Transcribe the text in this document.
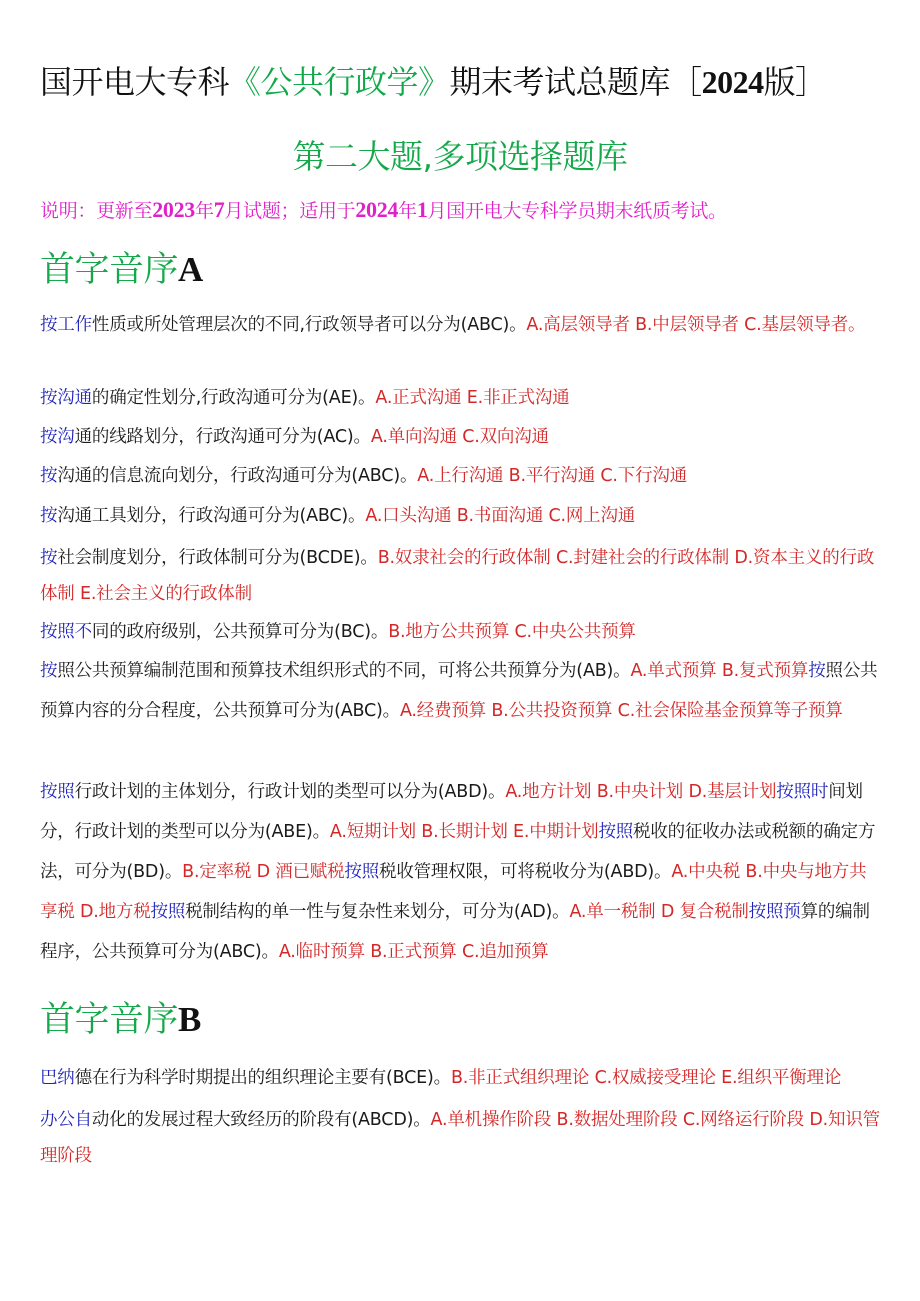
国开电大专科《公共行政学》期末考试总题库［2024版］
第二大题,多项选择题库
说明：更新至2023年7月试题；适用于2024年1月国开电大专科学员期末纸质考试。
首字音序A
按工作性质或所处管理层次的不同,行政领导者可以分为(ABC)。A.高层领导者 B.中层领导者 C.基层领导者。
按沟通的确定性划分,行政沟通可分为(AE)。A.正式沟通 E.非正式沟通
按沟通的线路划分，行政沟通可分为(AC)。A.单向沟通 C.双向沟通
按沟通的信息流向划分，行政沟通可分为(ABC)。A.上行沟通 B.平行沟通 C.下行沟通
按沟通工具划分，行政沟通可分为(ABC)。A.口头沟通 B.书面沟通 C.网上沟通
按社会制度划分，行政体制可分为(BCDE)。B.奴隶社会的行政体制 C.封建社会的行政体制 D.资本主义的行政体制 E.社会主义的行政体制
按照不同的政府级别，公共预算可分为(BC)。B.地方公共预算 C.中央公共预算
按照公共预算编制范围和预算技术组织形式的不同，可将公共预算分为(AB)。A.单式预算 B.复式预算按照公共预算内容的分合程度，公共预算可分为(ABC)。A.经费预算 B.公共投资预算 C.社会保险基金预算等子预算
按照行政计划的主体划分，行政计划的类型可以分为(ABD)。A.地方计划 B.中央计划 D.基层计划按照时间划分，行政计划的类型可以分为(ABE)。A.短期计划 B.长期计划 E.中期计划按照税收的征收办法或税额的确定方法，可分为(BD)。B.定率税 D 酒已赋税按照税收管理权限，可将税收分为(ABD)。A.中央税 B.中央与地方共享税 D.地方税按照税制结构的单一性与复杂性来划分，可分为(AD)。A.单一税制 D 复合税制按照预算的编制程序，公共预算可分为(ABC)。A.临时预算 B.正式预算 C.追加预算
首字音序B
巴纳德在行为科学时期提出的组织理论主要有(BCE)。B.非正式组织理论 C.权威接受理论 E.组织平衡理论
办公自动化的发展过程大致经历的阶段有(ABCD)。A.单机操作阶段 B.数据处理阶段 C.网络运行阶段 D.知识管理阶段
